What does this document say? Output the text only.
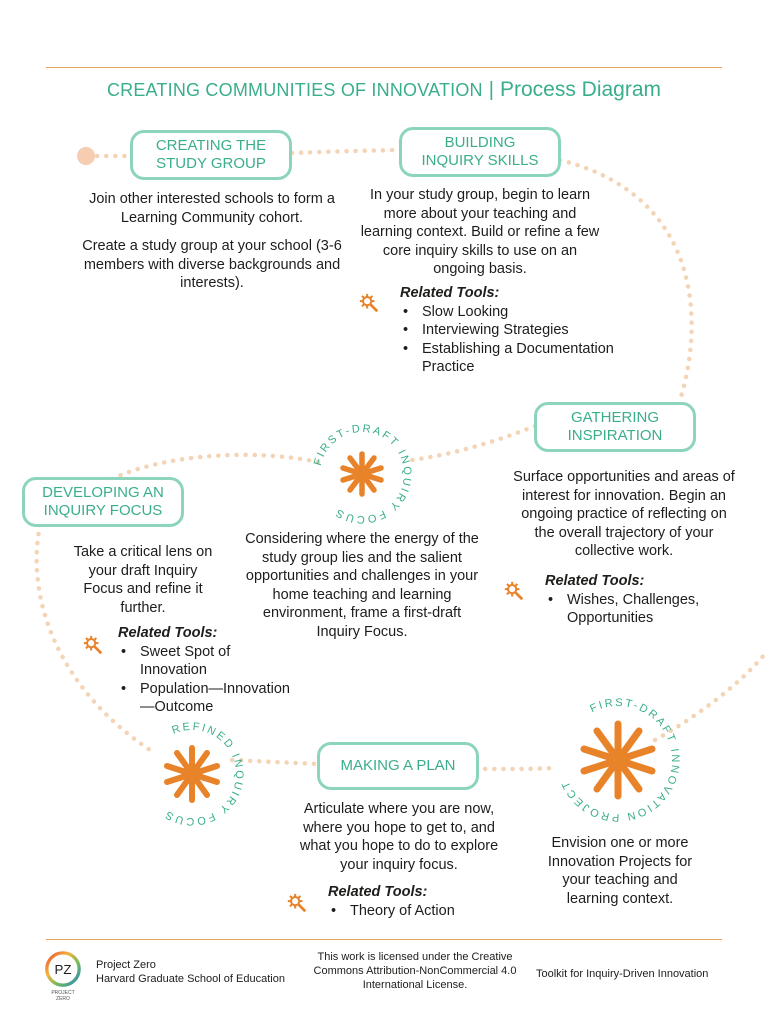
CREATING COMMUNITIES OF INNOVATION | Process Diagram
CREATING THE
STUDY GROUP

Join other interested schools to form a Learning Community cohort.

Create a study group at your school (3-6 members with diverse backgrounds and interests).

BUILDING
INQUIRY SKILLS

In your study group, begin to learn more about your teaching and learning context. Build or refine a few core inquiry skills to use on an ongoing basis.

Related Tools:
• Slow Looking
• Interviewing Strategies
• Establishing a Documentation Practice
GATHERING
INSPIRATION

Surface opportunities and areas of interest for innovation. Begin an ongoing practice of reflecting on the overall trajectory of your collective work.

Related Tools:
• Wishes, Challenges, Opportunities
FIRST-DRAFT INQUIRY FOCUS

Considering where the energy of the study group lies and the salient opportunities and challenges in your home teaching and learning environment, frame a first-draft Inquiry Focus.

DEVELOPING AN
INQUIRY FOCUS

Take a critical lens on your draft Inquiry Focus and refine it further.

Related Tools:
• Sweet Spot of Innovation
• Population—Innovation—Outcome
REFINED INQUIRY FOCUS
MAKING A PLAN

Articulate where you are now, where you hope to get to, and what you hope to do to explore your inquiry focus.

Related Tools:
• Theory of Action
FIRST-DRAFT INNOVATION PROJECT

Envision one or more Innovation Projects for your teaching and learning context.

PZ
PROJECT ZERO
Project Zero
Harvard Graduate School of Education
This work is licensed under the Creative Commons Attribution-NonCommercial 4.0 International License.
Toolkit for Inquiry-Driven Innovation
